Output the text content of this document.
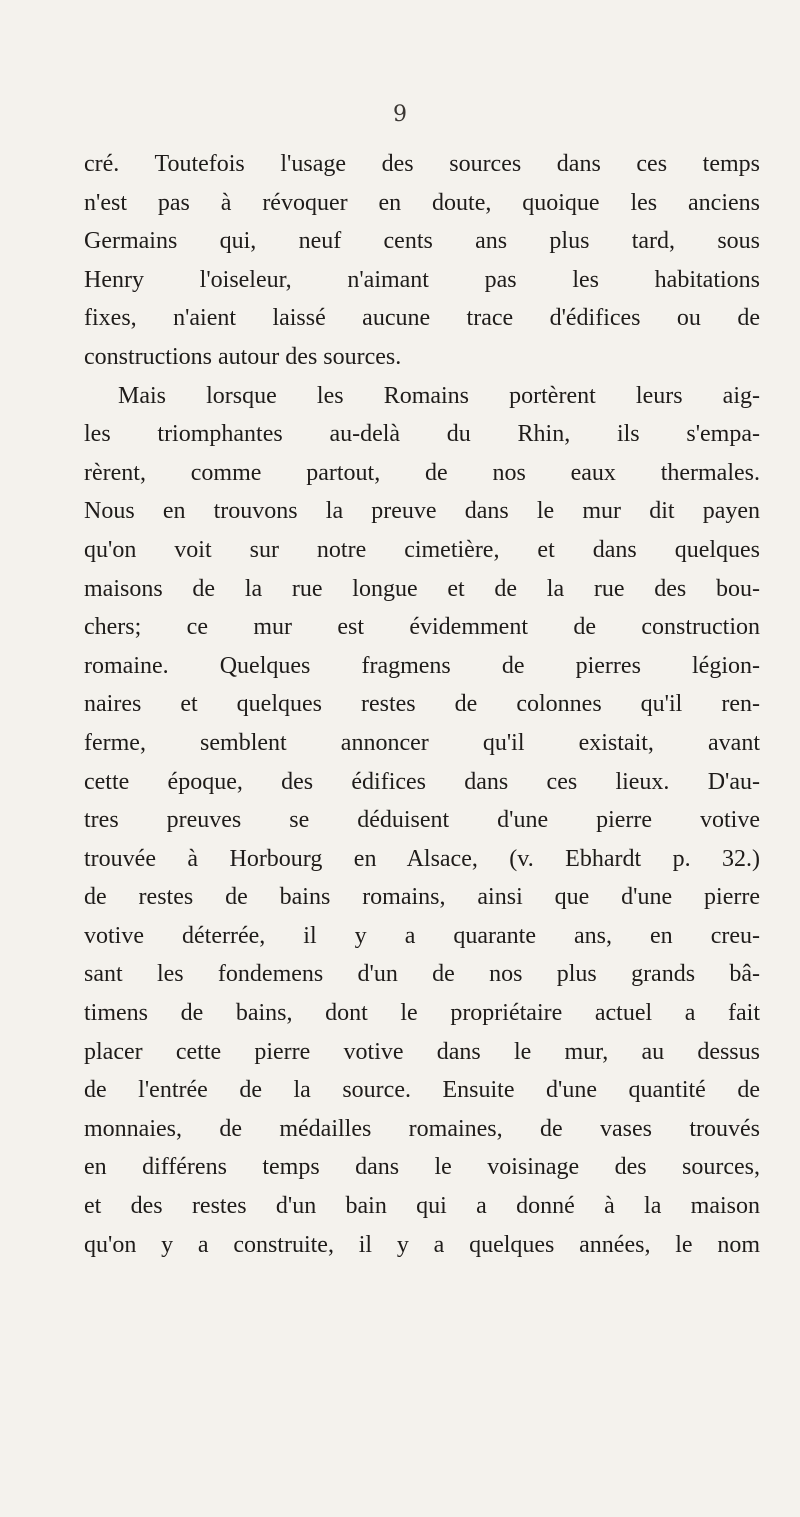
9
cré. Toutefois l'usage des sources dans ces temps
n'est pas à révoquer en doute, quoique les anciens
Germains qui, neuf cents ans plus tard, sous
Henry l'oiseleur, n'aimant pas les habitations
fixes, n'aient laissé aucune trace d'édifices ou de
constructions autour des sources.
Mais lorsque les Romains portèrent leurs aig-
les triomphantes au-delà du Rhin, ils s'empa-
rèrent, comme partout, de nos eaux thermales.
Nous en trouvons la preuve dans le mur dit payen
qu'on voit sur notre cimetière, et dans quelques
maisons de la rue longue et de la rue des bou-
chers; ce mur est évidemment de construction
romaine. Quelques fragmens de pierres légion-
naires et quelques restes de colonnes qu'il ren-
ferme, semblent annoncer qu'il existait, avant
cette époque, des édifices dans ces lieux. D'au-
tres preuves se déduisent d'une pierre votive
trouvée à Horbourg en Alsace, (v. Ebhardt p. 32.)
de restes de bains romains, ainsi que d'une pierre
votive déterrée, il y a quarante ans, en creu-
sant les fondemens d'un de nos plus grands bâ-
timens de bains, dont le propriétaire actuel a fait
placer cette pierre votive dans le mur, au dessus
de l'entrée de la source. Ensuite d'une quantité de
monnaies, de médailles romaines, de vases trouvés
en différens temps dans le voisinage des sources,
et des restes d'un bain qui a donné à la maison
qu'on y a construite, il y a quelques années, le nom
